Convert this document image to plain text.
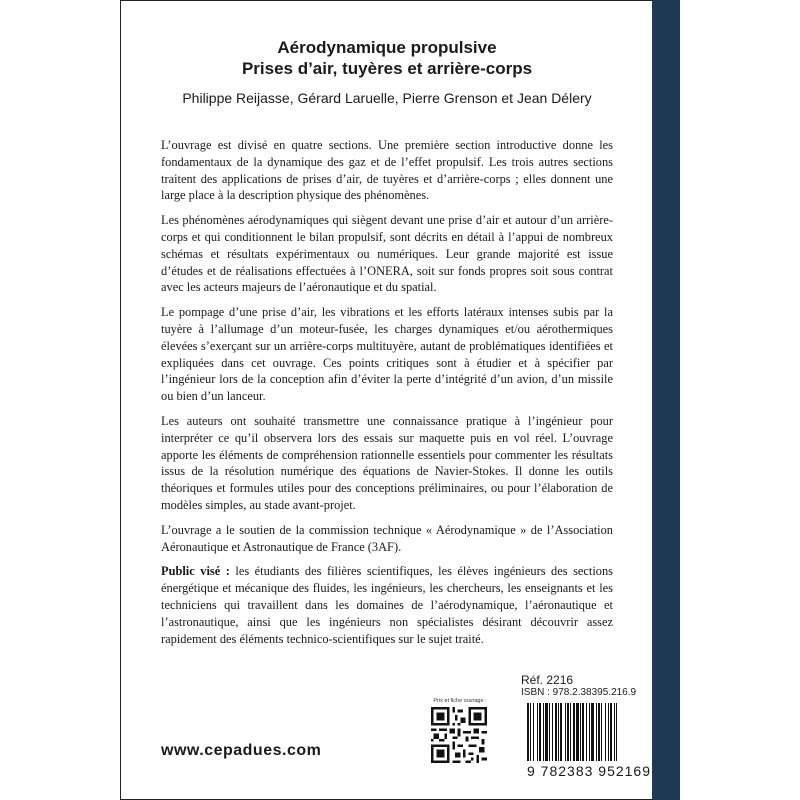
Aérodynamique propulsive
Prises d’air, tuyères et arrière-corps
Philippe Reijasse, Gérard Laruelle, Pierre Grenson et Jean Délery

L’ouvrage est divisé en quatre sections. Une première section introductive donne les fondamentaux de la dynamique des gaz et de l’effet propulsif. Les trois autres sections traitent des applications de prises d’air, de tuyères et d’arrière-corps ; elles donnent une large place à la description physique des phénomènes.

Les phénomènes aérodynamiques qui siègent devant une prise d’air et autour d’un arrière-corps et qui conditionnent le bilan propulsif, sont décrits en détail à l’appui de nombreux schémas et résultats expérimentaux ou numériques. Leur grande majorité est issue d’études et de réalisations effectuées à l’ONERA, soit sur fonds propres soit sous contrat avec les acteurs majeurs de l’aéronautique et du spatial.

Le pompage d’une prise d’air, les vibrations et les efforts latéraux intenses subis par la tuyère à l’allumage d’un moteur-fusée, les charges dynamiques et/ou aérothermiques élevées s’exerçant sur un arrière-corps multituyère, autant de problématiques identifiées et expliquées dans cet ouvrage. Ces points critiques sont à étudier et à spécifier par l’ingénieur lors de la conception afin d’éviter la perte d’intégrité d’un avion, d’un missile ou bien d’un lanceur.

Les auteurs ont souhaité transmettre une connaissance pratique à l’ingénieur pour interpréter ce qu’il observera lors des essais sur maquette puis en vol réel. L’ouvrage apporte les éléments de compréhension rationnelle essentiels pour commenter les résultats issus de la résolution numérique des équations de Navier-Stokes. Il donne les outils théoriques et formules utiles pour des conceptions préliminaires, ou pour l’élaboration de modèles simples, au stade avant-projet.

L’ouvrage a le soutien de la commission technique « Aérodynamique » de l’Association Aéronautique et Astronautique de France (3AF).

Public visé : les étudiants des filières scientifiques, les élèves ingénieurs des sections énergétique et mécanique des fluides, les ingénieurs, les chercheurs, les enseignants et les techniciens qui travaillent dans les domaines de l’aérodynamique, l’aéronautique et l’astronautique, ainsi que les ingénieurs non spécialistes désirant découvrir assez rapidement des éléments technico-scientifiques sur le sujet traité.

www.cepadues.com
Prix et fiche ouvrage :
Réf. 2216
ISBN : 978.2.38395.216.9
9 782383 952169
